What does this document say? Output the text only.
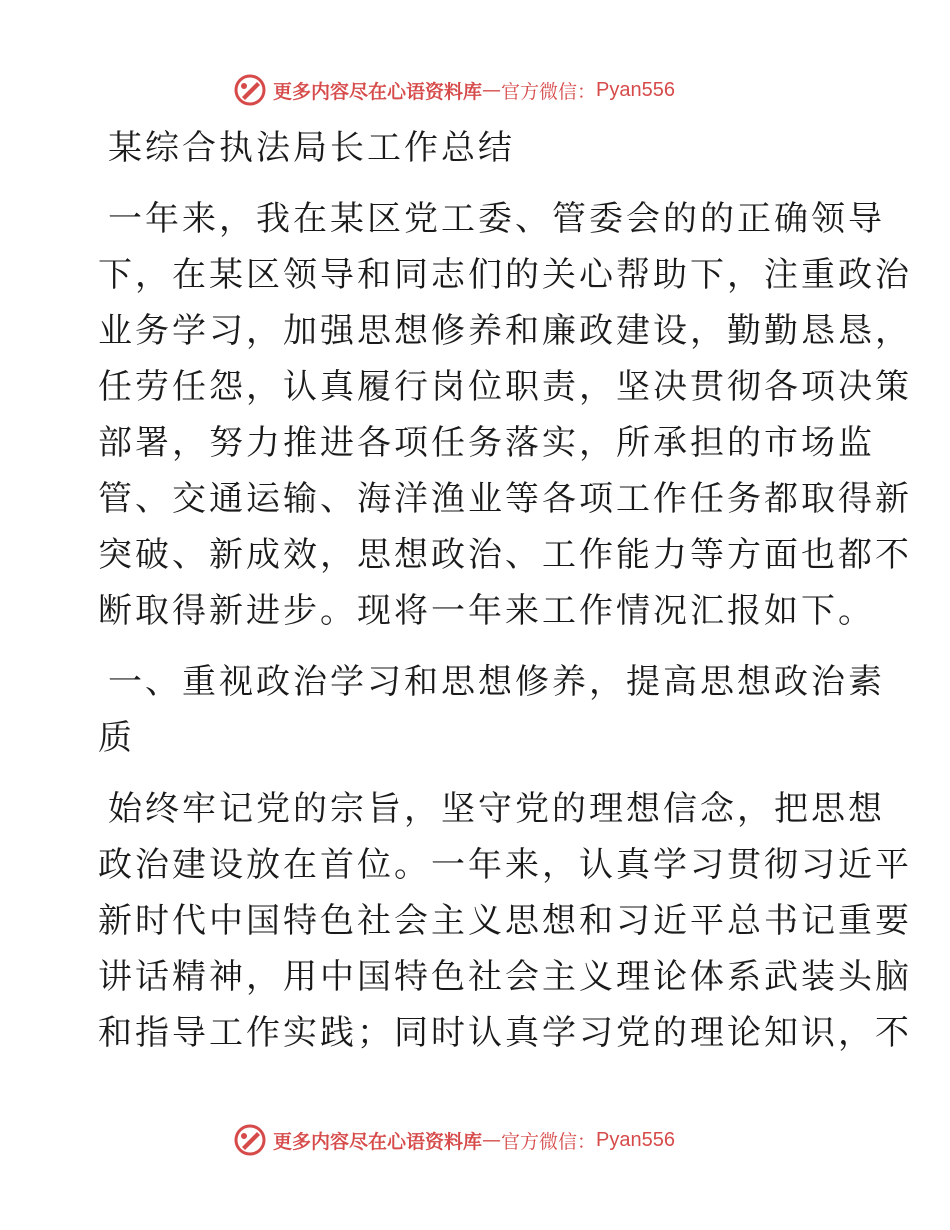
更多内容尽在心语资料库 — 官方微信： Pyan556
某综合执法局长工作总结
一年来，我在某区党工委、管委会的的正确领导
下，在某区领导和同志们的关心帮助下，注重政治
业务学习，加强思想修养和廉政建设，勤勤恳恳，
任劳任怨，认真履行岗位职责，坚决贯彻各项决策
部署，努力推进各项任务落实，所承担的市场监
管、交通运输、海洋渔业等各项工作任务都取得新
突破、新成效，思想政治、工作能力等方面也都不
断取得新进步。现将一年来工作情况汇报如下。
一、重视政治学习和思想修养，提高思想政治素
质
始终牢记党的宗旨，坚守党的理想信念，把思想
政治建设放在首位。一年来，认真学习贯彻习近平
新时代中国特色社会主义思想和习近平总书记重要
讲话精神，用中国特色社会主义理论体系武装头脑
和指导工作实践；同时认真学习党的理论知识，不
更多内容尽在心语资料库 — 官方微信： Pyan556
